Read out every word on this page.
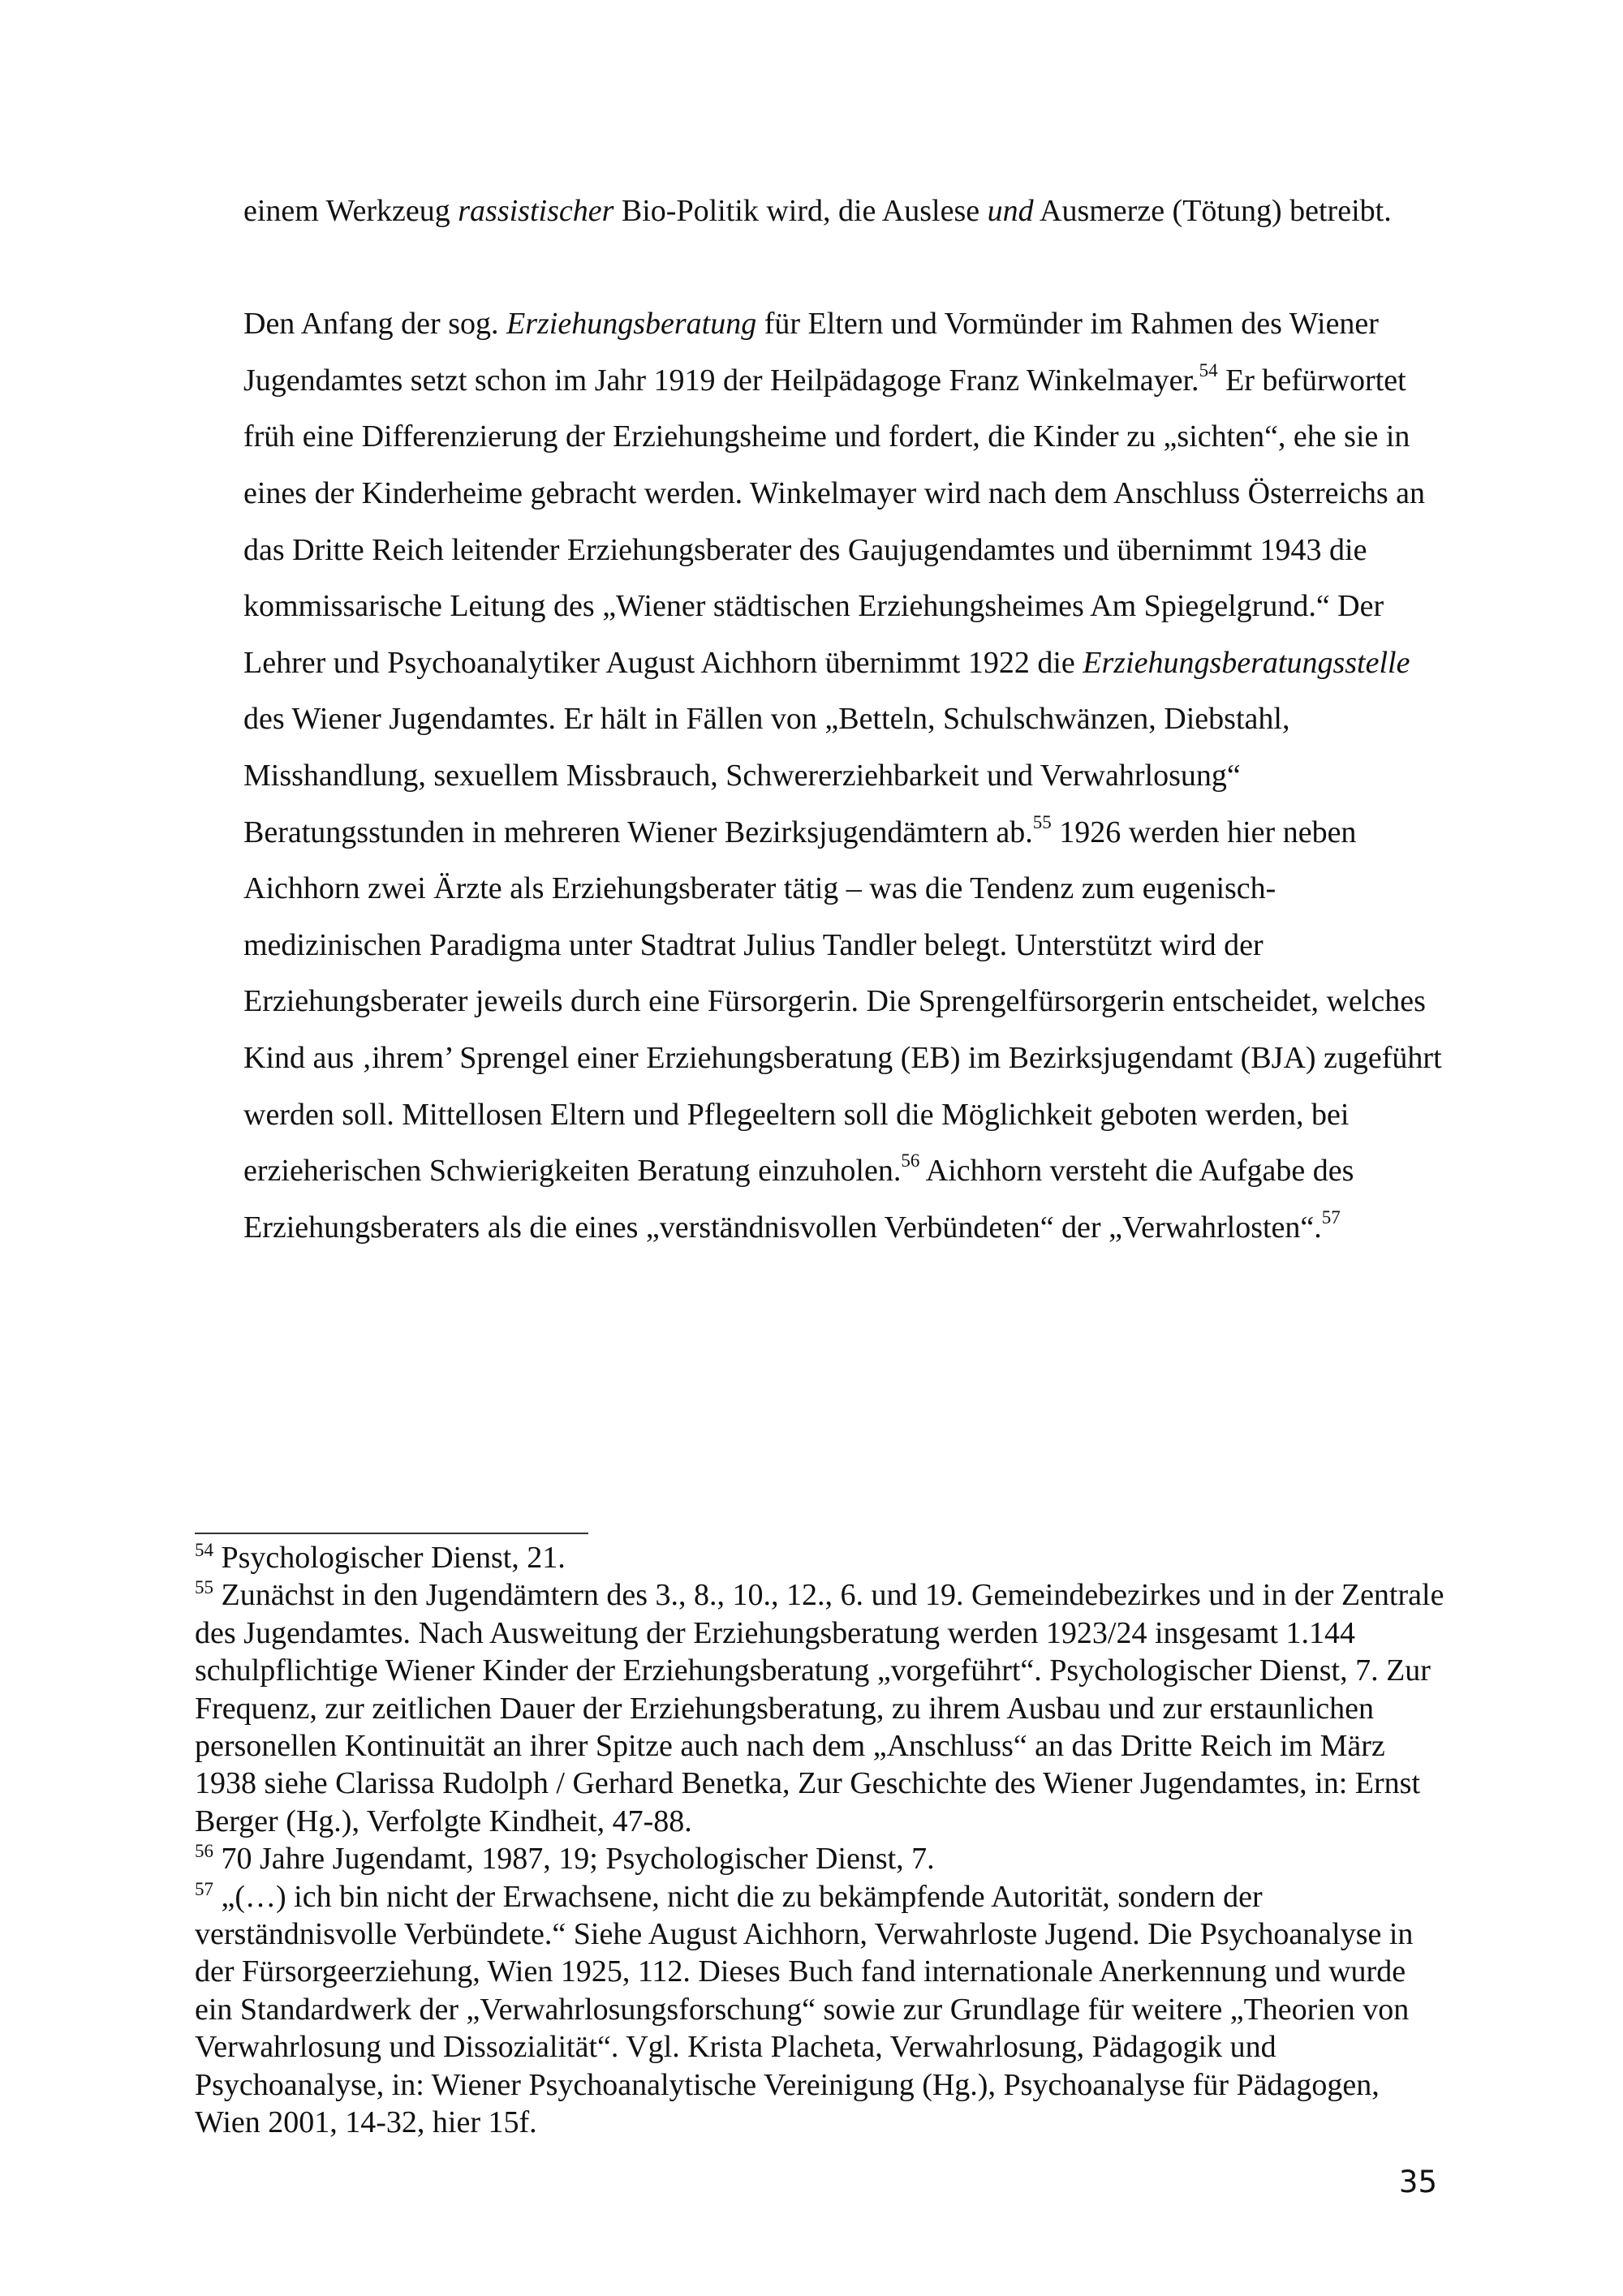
einem Werkzeug rassistischer Bio-Politik wird, die Auslese und Ausmerze (Tötung) betreibt.

Den Anfang der sog. Erziehungsberatung für Eltern und Vormünder im Rahmen des Wiener Jugendamtes setzt schon im Jahr 1919 der Heilpädagoge Franz Winkelmayer.$^{54}$ Er befürwortet früh eine Differenzierung der Erziehungsheime und fordert, die Kinder zu „sichten“, ehe sie in eines der Kinderheime gebracht werden. Winkelmayer wird nach dem Anschluss Österreichs an das Dritte Reich leitender Erziehungsberater des Gaujugendamtes und übernimmt 1943 die kommissarische Leitung des „Wiener städtischen Erziehungsheimes Am Spiegelgrund.“ Der Lehrer und Psychoanalytiker August Aichhorn übernimmt 1922 die Erziehungsberatungsstelle des Wiener Jugendamtes. Er hält in Fällen von „Betteln, Schulschwänzen, Diebstahl, Misshandlung, sexuellem Missbrauch, Schwererziehbarkeit und Verwahrlosung“ Beratungsstunden in mehreren Wiener Bezirksjugendämtern ab.$^{55}$ 1926 werden hier neben Aichhorn zwei Ärzte als Erziehungsberater tätig – was die Tendenz zum eugenisch-medizinischen Paradigma unter Stadtrat Julius Tandler belegt. Unterstützt wird der Erziehungsberater jeweils durch eine Fürsorgerin. Die Sprengelfürsorgerin entscheidet, welches Kind aus ‚ihrem’ Sprengel einer Erziehungsberatung (EB) im Bezirksjugendamt (BJA) zugeführt werden soll. Mittellosen Eltern und Pflegeeltern soll die Möglichkeit geboten werden, bei erzieherischen Schwierigkeiten Beratung einzuholen.$^{56}$ Aichhorn versteht die Aufgabe des Erziehungsberaters als die eines „verständnisvollen Verbündeten“ der „Verwahrlosten“.$^{57}$

$^{54}$ Psychologischer Dienst, 21.

$^{55}$ Zunächst in den Jugendämtern des 3., 8., 10., 12., 6. und 19. Gemeindebezirkes und in der Zentrale des Jugendamtes. Nach Ausweitung der Erziehungsberatung werden 1923/24 insgesamt 1.144 schulpflichtige Wiener Kinder der Erziehungsberatung „vorgeführt“. Psychologischer Dienst, 7. Zur Frequenz, zur zeitlichen Dauer der Erziehungsberatung, zu ihrem Ausbau und zur erstaunlichen personellen Kontinuität an ihrer Spitze auch nach dem „Anschluss“ an das Dritte Reich im März 1938 siehe Clarissa Rudolph / Gerhard Benetka, Zur Geschichte des Wiener Jugendamtes, in: Ernst Berger (Hg.), Verfolgte Kindheit, 47-88.

$^{56}$ 70 Jahre Jugendamt, 1987, 19; Psychologischer Dienst, 7.

$^{57}$ „(…) ich bin nicht der Erwachsene, nicht die zu bekämpfende Autorität, sondern der verständnisvolle Verbündete.“ Siehe August Aichhorn, Verwahrloste Jugend. Die Psychoanalyse in der Fürsorgeerziehung, Wien 1925, 112. Dieses Buch fand internationale Anerkennung und wurde ein Standardwerk der „Verwahrlosungsforschung“ sowie zur Grundlage für weitere „Theorien von Verwahrlosung und Dissozialität“. Vgl. Krista Placheta, Verwahrlosung, Pädagogik und Psychoanalyse, in: Wiener Psychoanalytische Vereinigung (Hg.), Psychoanalyse für Pädagogen, Wien 2001, 14-32, hier 15f.

35
